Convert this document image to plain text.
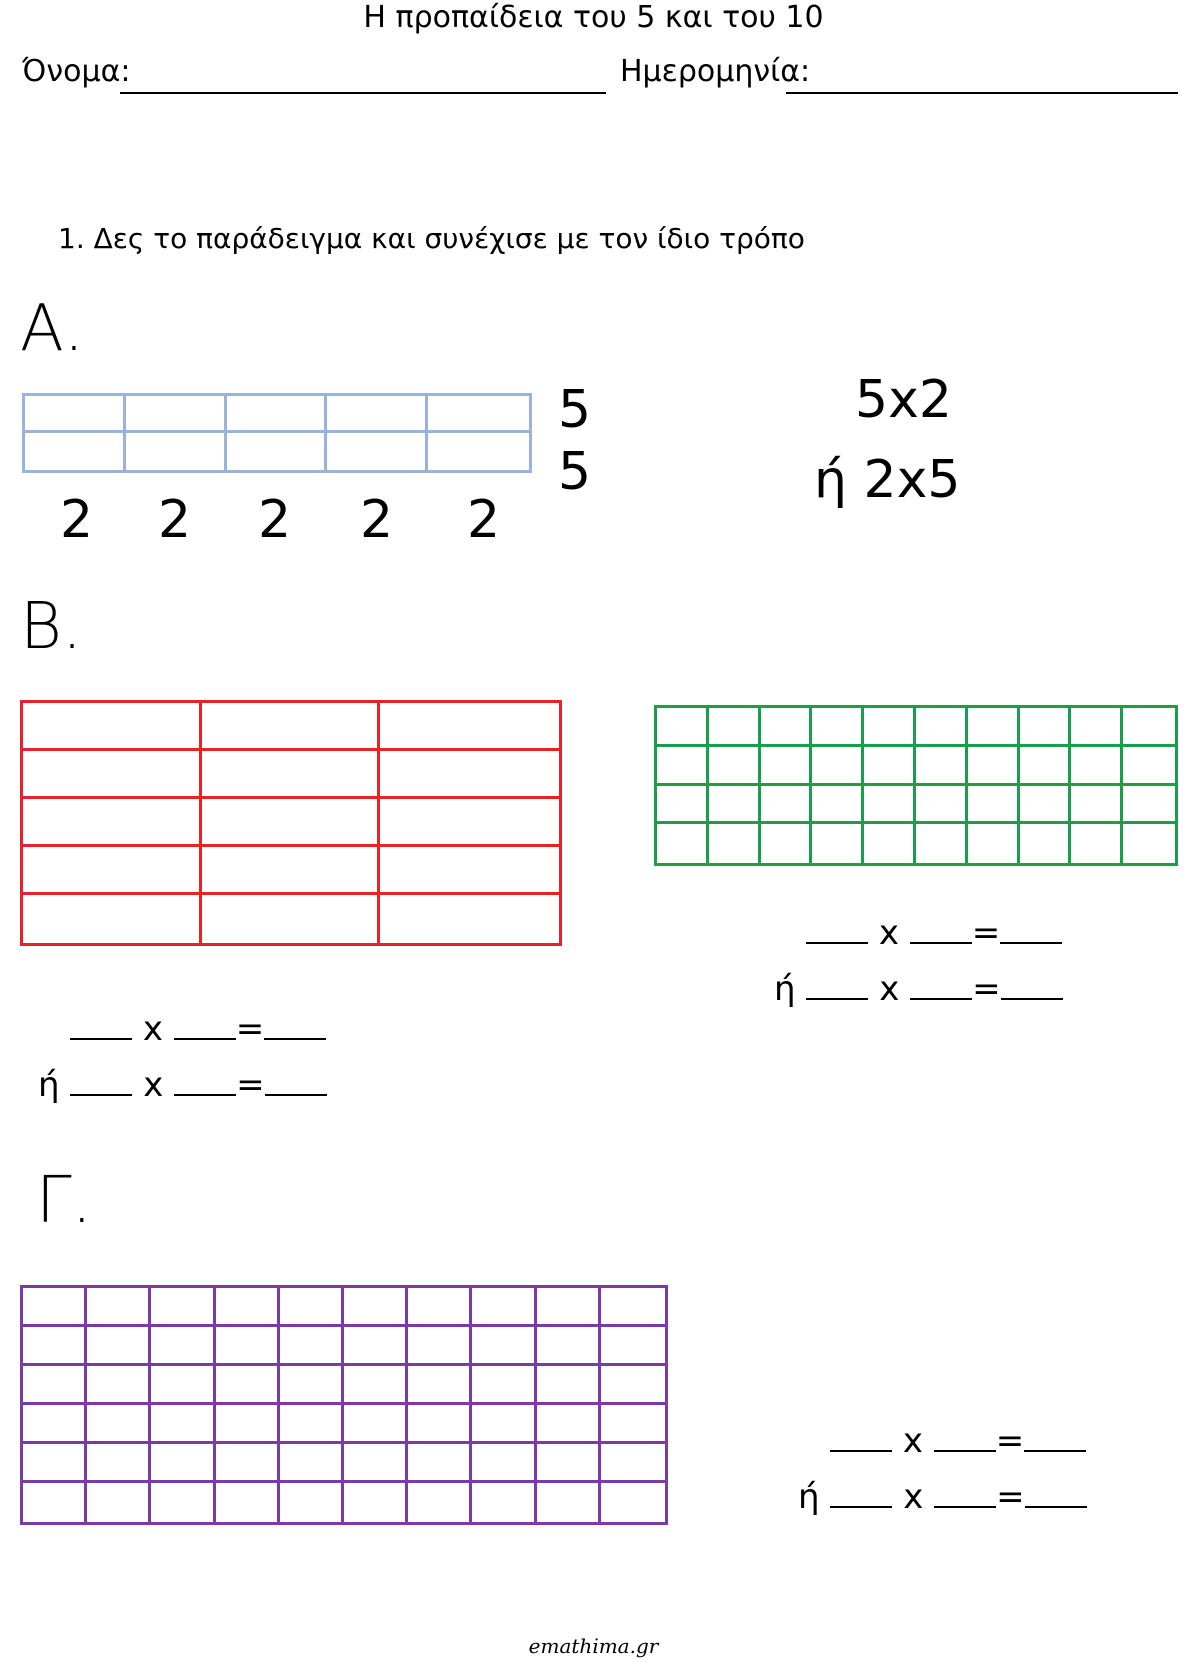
Η προπαίδεια του 5 και του 10
Όνομα:	Ημερομηνία:
1. Δες το παράδειγμα και συνέχισε με τον ίδιο τρόπο
Α.
5
5
2 2 2 2 2
5x2
ή 2x5
Β.
x =
ή x =
x =
ή x =
Γ.
x =
ή x =
emathima.gr
